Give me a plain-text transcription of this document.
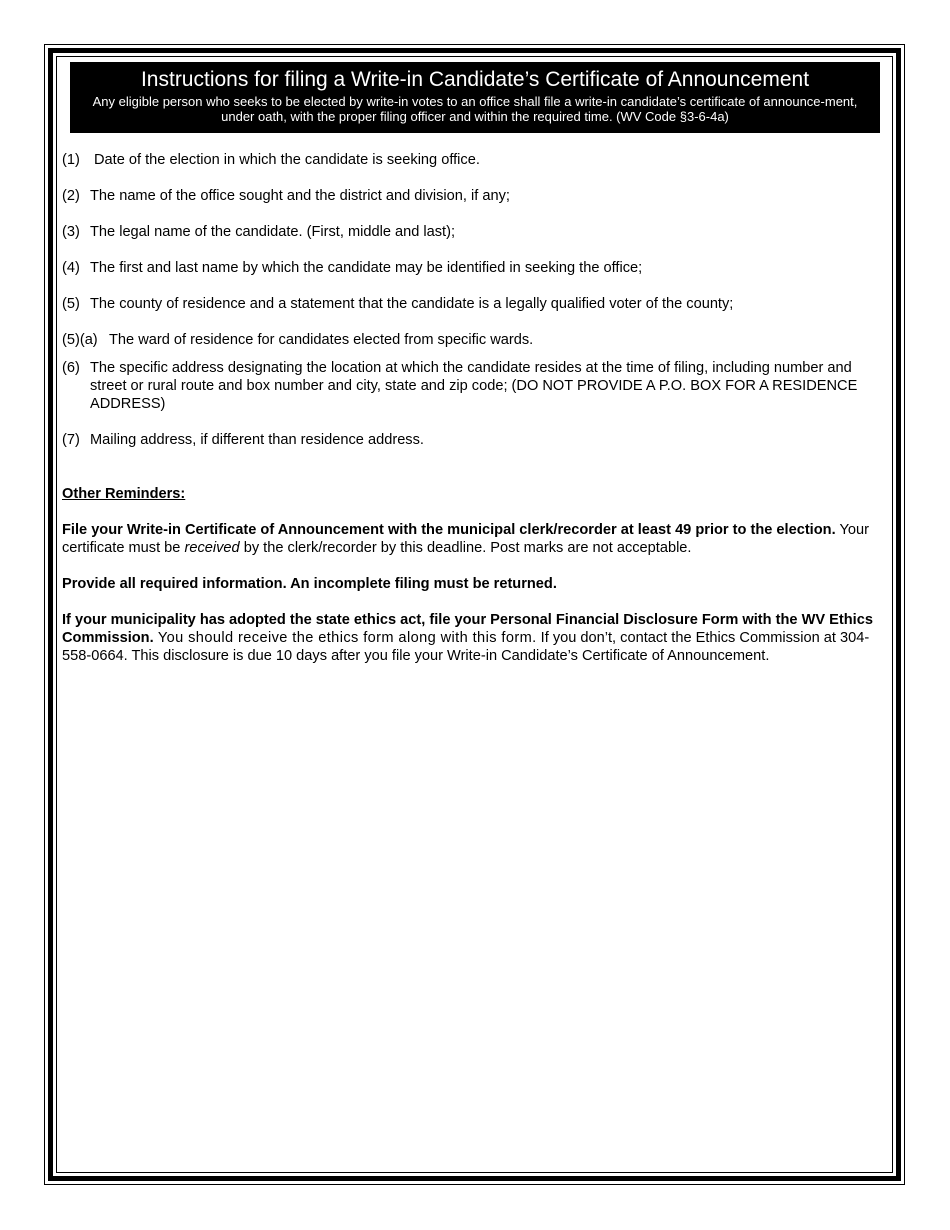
Instructions for filing a Write-in Candidate’s Certificate of Announcement
Any eligible person who seeks to be elected by write-in votes to an office shall file a write-in candidate’s certificate of announce-ment, under oath, with the proper filing officer and within the required time. (WV Code §3-6-4a)
(1) Date of the election in which the candidate is seeking office.
(2) The name of the office sought and the district and division, if any;
(3) The legal name of the candidate. (First, middle and last);
(4) The first and last name by which the candidate may be identified in seeking the office;
(5) The county of residence and a statement that the candidate is a legally qualified voter of the county;
(5)(a) The ward of residence for candidates elected from specific wards.
(6) The specific address designating the location at which the candidate resides at the time of filing, including number and street or rural route and box number and city, state and zip code; (DO NOT PROVIDE A P.O. BOX FOR A RESIDENCE ADDRESS)
(7) Mailing address, if different than residence address.

Other Reminders:

File your Write-in Certificate of Announcement with the municipal clerk/recorder at least 49 prior to the election. Your certificate must be received by the clerk/recorder by this deadline. Post marks are not acceptable.

Provide all required information. An incomplete filing must be returned.

If your municipality has adopted the state ethics act, file your Personal Financial Disclosure Form with the WV Ethics Commission. You should receive the ethics form along with this form. If you don’t, contact the Ethics Commission at 304-558-0664. This disclosure is due 10 days after you file your Write-in Candidate’s Certificate of Announcement.
